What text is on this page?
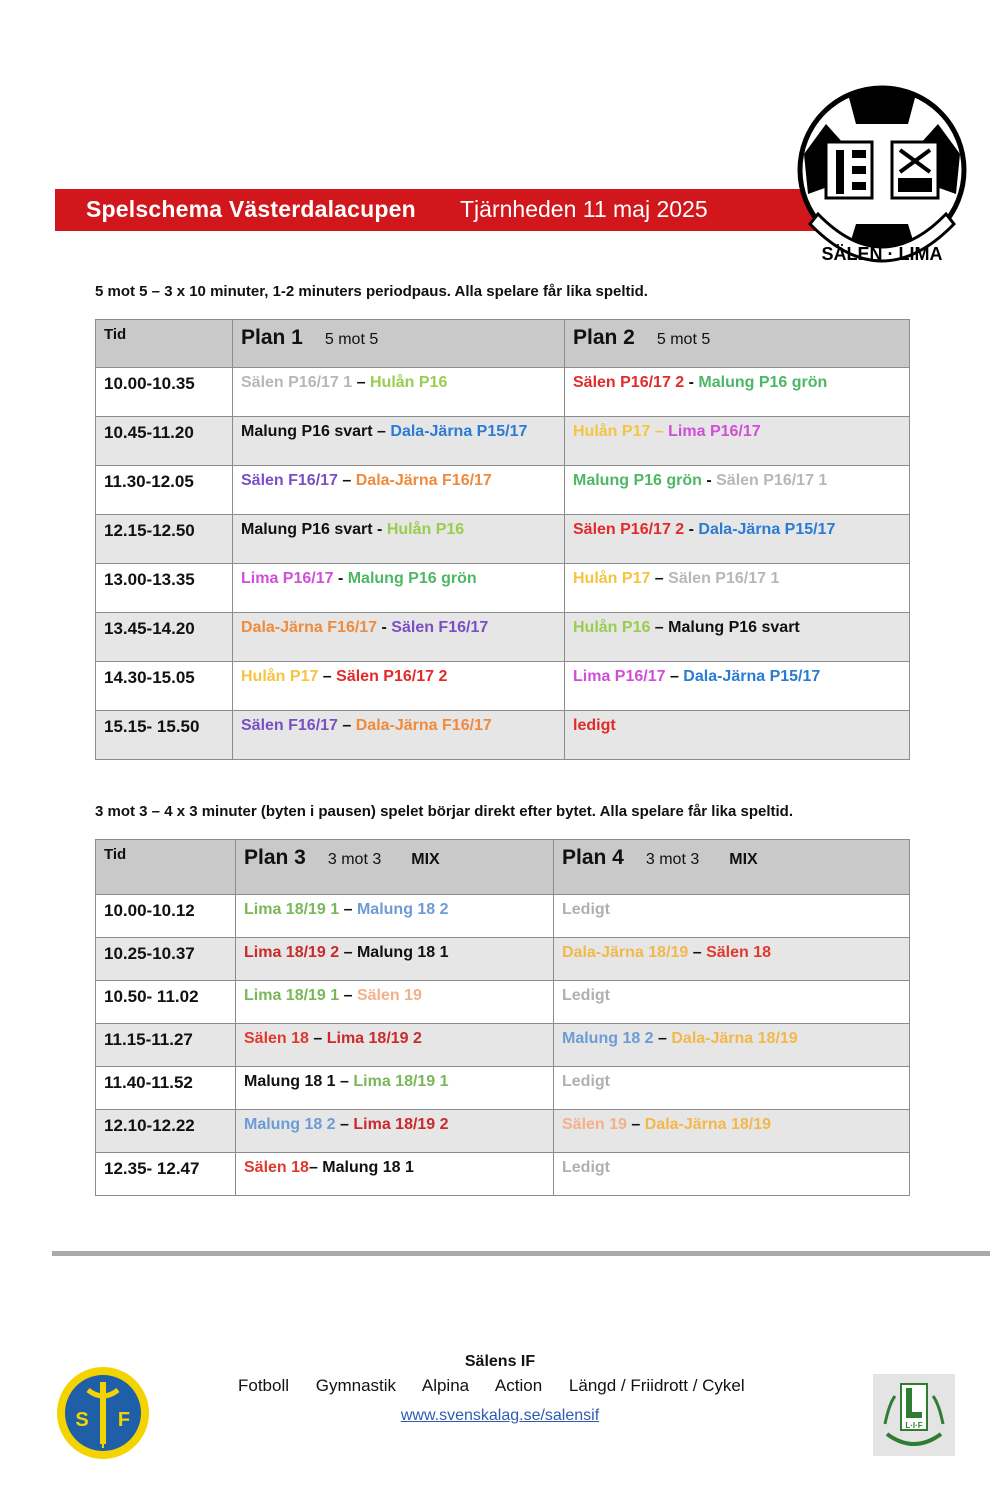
Spelschema Västerdalacupen Tjärnheden 11 maj 2025
SÄLEN · LIMA
5 mot 5 – 3 x 10 minuter, 1-2 minuters periodpaus. Alla spelare får lika speltid.
Tid	Plan 1 5 mot 5	Plan 2 5 mot 5
10.00-10.35	Sälen P16/17 1 – Hulån P16	Sälen P16/17 2 - Malung P16 grön
10.45-11.20	Malung P16 svart – Dala-Järna P15/17	Hulån P17 – Lima P16/17
11.30-12.05	Sälen F16/17 – Dala-Järna F16/17	Malung P16 grön - Sälen P16/17 1
12.15-12.50	Malung P16 svart - Hulån P16	Sälen P16/17 2 - Dala-Järna P15/17
13.00-13.35	Lima P16/17 - Malung P16 grön	Hulån P17 – Sälen P16/17 1
13.45-14.20	Dala-Järna F16/17 - Sälen F16/17	Hulån P16 – Malung P16 svart
14.30-15.05	Hulån P17 – Sälen P16/17 2	Lima P16/17 – Dala-Järna P15/17
15.15- 15.50	Sälen F16/17 – Dala-Järna F16/17	ledigt
3 mot 3 – 4 x 3 minuter (byten i pausen) spelet börjar direkt efter bytet. Alla spelare får lika speltid.
Tid	Plan 3 3 mot 3 MIX	Plan 4 3 mot 3 MIX
10.00-10.12	Lima 18/19 1 – Malung 18 2	Ledigt
10.25-10.37	Lima 18/19 2 – Malung 18 1	Dala-Järna 18/19 – Sälen 18
10.50- 11.02	Lima 18/19 1 – Sälen 19	Ledigt
11.15-11.27	Sälen 18 – Lima 18/19 2	Malung 18 2 – Dala-Järna 18/19
11.40-11.52	Malung 18 1 – Lima 18/19 1	Ledigt
12.10-12.22	Malung 18 2 – Lima 18/19 2	Sälen 19 – Dala-Järna 18/19
12.35- 12.47	Sälen 18– Malung 18 1	Ledigt
S
I
F
Sälens IF
Fotboll Gymnastik Alpina Action Längd / Friidrott / Cykel
www.svenskalag.se/salensif
L·I·F
